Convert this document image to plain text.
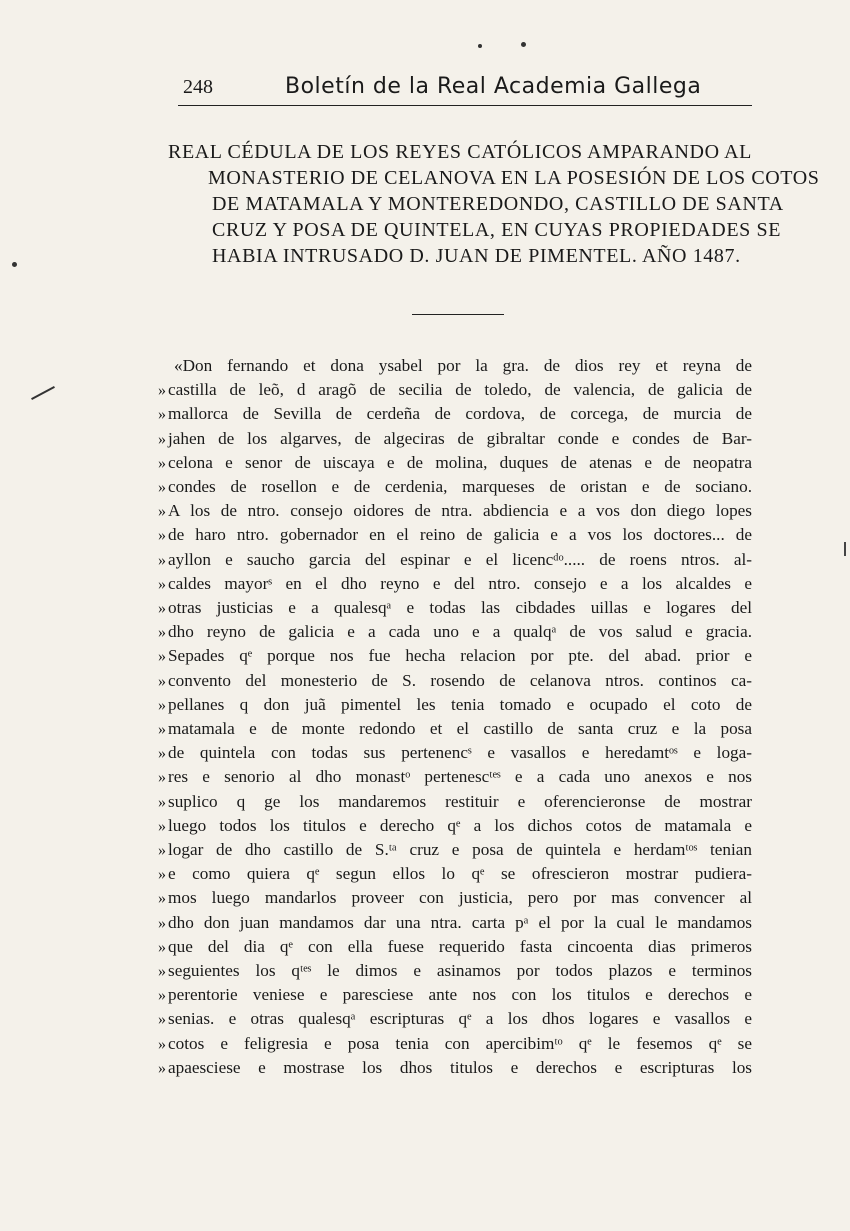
248	Boletín de la Real Academia Gallega
REAL CÉDULA DE LOS REYES CATÓLICOS AMPARANDO AL
MONASTERIO DE CELANOVA EN LA POSESIÓN DE LOS COTOS
DE MATAMALA Y MONTEREDONDO, CASTILLO DE SANTA
CRUZ Y POSA DE QUINTELA, EN CUYAS PROPIEDADES SE
HABIA INTRUSADO D. JUAN DE PIMENTEL. AÑO 1487.
«Don fernando et dona ysabel por la gra. de dios rey et reyna de
» castilla de leõ, d aragõ de secilia de toledo, de valencia, de galicia de
» mallorca de Sevilla de cerdeña de cordova, de corcega, de murcia de
» jahen de los algarves, de algeciras de gibraltar conde e condes de Bar-
» celona e senor de uiscaya e de molina, duques de atenas e de neopatra
» condes de rosellon e de cerdenia, marqueses de oristan e de sociano.
» A los de ntro. consejo oidores de ntra. abdiencia e a vos don diego lopes
» de haro ntro. gobernador en el reino de galicia e a vos los doctores... de
» ayllon e saucho garcia del espinar e el licencᵈᵒ..... de roens ntros. al-
» caldes mayorˢ en el dho reyno e del ntro. consejo e a los alcaldes e
» otras justicias e a qualesqᵃ e todas las cibdades uillas e logares del
» dho reyno de galicia e a cada uno e a qualqᵃ de vos salud e gracia.
» Sepades qᵉ porque nos fue hecha relacion por pte. del abad. prior e
» convento del monesterio de S. rosendo de celanova ntros. continos ca-
» pellanes q don juã pimentel les tenia tomado e ocupado el coto de
» matamala e de monte redondo et el castillo de santa cruz e la posa
» de quintela con todas sus pertenencˢ e vasallos e heredamtᵒˢ e loga-
» res e senorio al dho monastᵒ pertenescᵗᵉˢ e a cada uno anexos e nos
» suplico q ge los mandaremos restituir e oferencieronse de mostrar
» luego todos los titulos e derecho qᵉ a los dichos cotos de matamala e
» logar de dho castillo de S.ᵗᵃ cruz e posa de quintela e herdamᵗᵒˢ tenian
» e como quiera qᵉ segun ellos lo qᵉ se ofrescieron mostrar pudiera-
» mos luego mandarlos proveer con justicia, pero por mas convencer al
» dho don juan mandamos dar una ntra. carta pᵃ el por la cual le mandamos
» que del dia qᵉ con ella fuese requerido fasta cincoenta dias primeros
» seguientes los qᵗᵉˢ le dimos e asinamos por todos plazos e terminos
» perentorie veniese e paresciese ante nos con los titulos e derechos e
» senias. e otras qualesqᵃ escripturas qᵉ a los dhos logares e vasallos e
» cotos e feligresia e posa tenia con apercibimᵗᵒ qᵉ le fesemos qᵉ se
» apaesciese e mostrase los dhos titulos e derechos e escripturas los
